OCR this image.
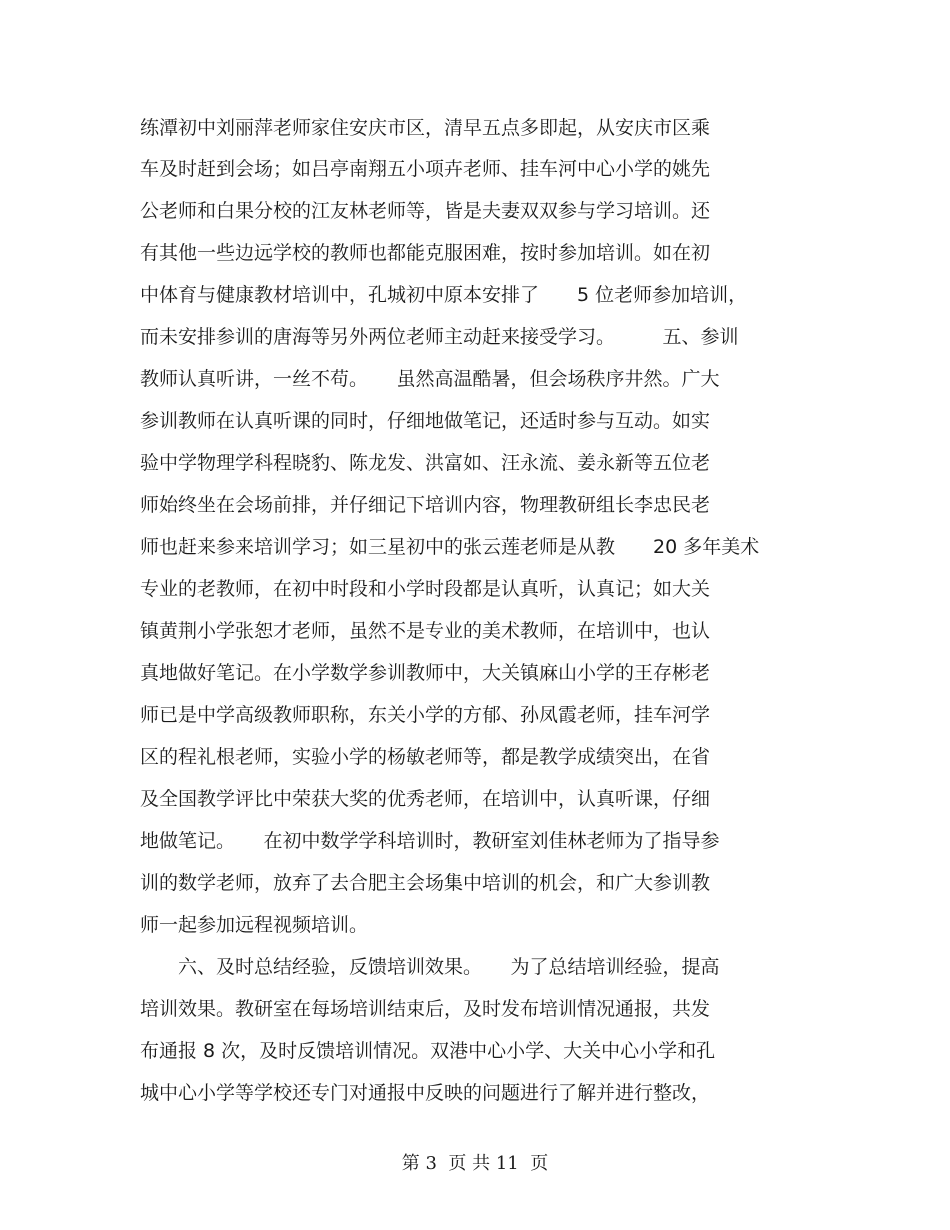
练潭初中刘丽萍老师家住安庆市区，清早五点多即起，从安庆市区乘
车及时赶到会场；如吕亭南翔五小项卉老师、挂车河中心小学的姚先
公老师和白果分校的江友林老师等，皆是夫妻双双参与学习培训。还
有其他一些边远学校的教师也都能克服困难，按时参加培训。如在初
中体育与健康教材培训中，孔城初中原本安排了　　5 位老师参加培训，
而未安排参训的唐海等另外两位老师主动赶来接受学习。　　　五、参训
教师认真听讲，一丝不苟。　　虽然高温酷暑，但会场秩序井然。广大
参训教师在认真听课的同时，仔细地做笔记，还适时参与互动。如实
验中学物理学科程晓豹、陈龙发、洪富如、汪永流、姜永新等五位老
师始终坐在会场前排，并仔细记下培训内容，物理教研组长李忠民老
师也赶来参来培训学习；如三星初中的张云莲老师是从教　　20 多年美术
专业的老教师，在初中时段和小学时段都是认真听，认真记；如大关
镇黄荆小学张恕才老师，虽然不是专业的美术教师，在培训中，也认
真地做好笔记。在小学数学参训教师中，大关镇麻山小学的王存彬老
师已是中学高级教师职称，东关小学的方郁、孙凤霞老师，挂车河学
区的程礼根老师，实验小学的杨敏老师等，都是教学成绩突出，在省
及全国教学评比中荣获大奖的优秀老师，在培训中，认真听课，仔细
地做笔记。　　在初中数学学科培训时，教研室刘佳林老师为了指导参
训的数学老师，放弃了去合肥主会场集中培训的机会，和广大参训教
师一起参加远程视频培训。
　　六、及时总结经验，反馈培训效果。　　为了总结培训经验，提高
培训效果。教研室在每场培训结束后，及时发布培训情况通报，共发
布通报 8 次，及时反馈培训情况。双港中心小学、大关中心小学和孔
城中心小学等学校还专门对通报中反映的问题进行了解并进行整改，
第 3  页 共 11  页
